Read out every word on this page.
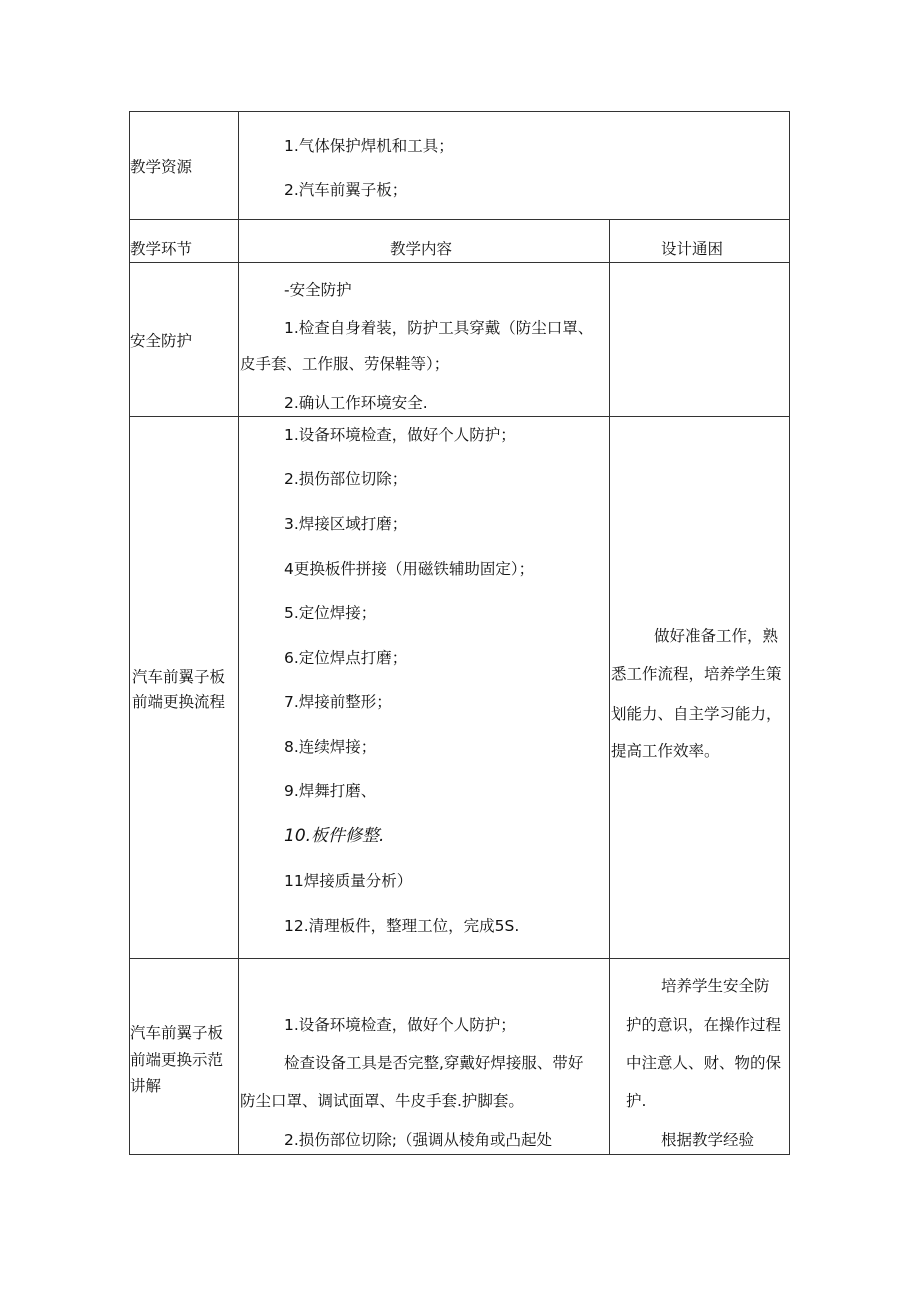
教学资源
1.气体保护焊机和工具；
2.汽车前翼子板；
教学环节	教学内容	设计通困
安全防护
-安全防护
1.检查自身着装，防护工具穿戴（防尘口罩、
皮手套、工作服、劳保鞋等）；
2.确认工作环境安全.
汽车前翼子板
前端更换流程
1.设备环境检查，做好个人防护；
2.损伤部位切除；
3.焊接区域打磨；
4更换板件拼接（用磁铁辅助固定）；
5.定位焊接；
6.定位焊点打磨；
7.焊接前整形；
8.连续焊接；
9.焊舞打磨、
10.板件修整.
11焊接质量分析）
12.清理板件，整理工位，完成5S.
做好准备工作，熟
悉工作流程，培养学生策
划能力、自主学习能力，
提高工作效率。
汽车前翼子板
前端更换示范
讲解
1.设备环境检查，做好个人防护；
检查设备工具是否完整,穿戴好焊接服、带好
防尘口罩、调试面罩、牛皮手套.护脚套。
2.损伤部位切除;（强调从棱角或凸起处
培养学生安全防
护的意识，在操作过程
中注意人、财、物的保
护.
根据教学经验
